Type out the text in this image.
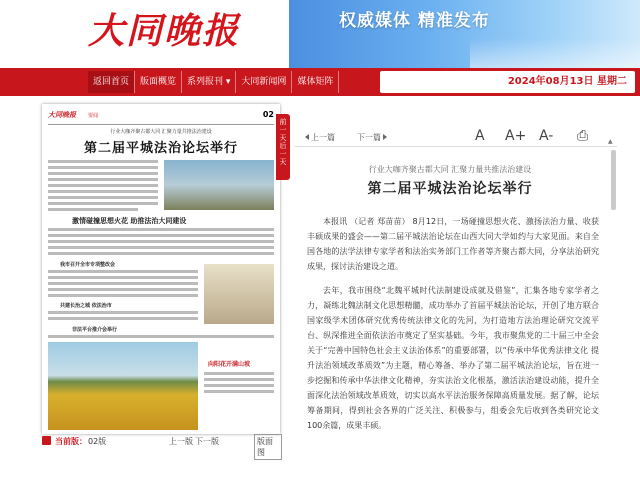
大同晚报	权威媒体 精准发布
返回首页	版面概览	系列报刊 ▾	大同新闻网	媒体矩阵	2024年08月13日 星期二
大同晚报 要闻	02
行业大咖齐聚古都大同 汇聚力量共推法治建设
第二届平城法治论坛举行
激情碰撞思想火花 助推法治大同建设
我市召开全市专项整改会
共建长治之城 依法治市
非法平台推介会举行
向阳花开满山坡
前一天后一天
当前版： 02版	上一版 下一版	版面图
上一篇	下一篇	A A+ A- ⎙
行业大咖齐聚古都大同 汇聚力量共推法治建设
第二届平城法治论坛举行

本报讯 （记者 郑苗苗） 8月12日，一场碰撞思想火花、激扬法治力量、收获丰硕成果的盛会——第二届平城法治论坛在山西大同大学如约与大家见面。来自全国各地的法学法律专家学者和法治实务部门工作者等齐聚古都大同，分享法治研究成果，探讨法治建设之道。

去年，我市围绕“北魏平城时代法制建设成就及借鉴”，汇集各地专家学者之力，凝练北魏法制文化思想精髓，成功举办了首届平城法治论坛，开创了地方联合国家级学术团体研究优秀传统法律文化的先河，为打造地方法治理论研究交流平台、纵深推进全面依法治市奠定了坚实基础。今年，我市聚焦党的二十届三中全会关于“完善中国特色社会主义法治体系”的重要部署，以“传承中华优秀法律文化 提升法治领域改革质效”为主题，精心筹备、举办了第二届平城法治论坛，旨在进一步挖掘和传承中华法律文化精神，夯实法治文化根基，激活法治建设动能，提升全面深化法治领域改革质效，切实以高水平法治服务保障高质量发展。据了解，论坛筹备期间，得到社会各界的广泛关注、积极参与，组委会先后收到各类研究论文100余篇，成果丰硕。

▲
